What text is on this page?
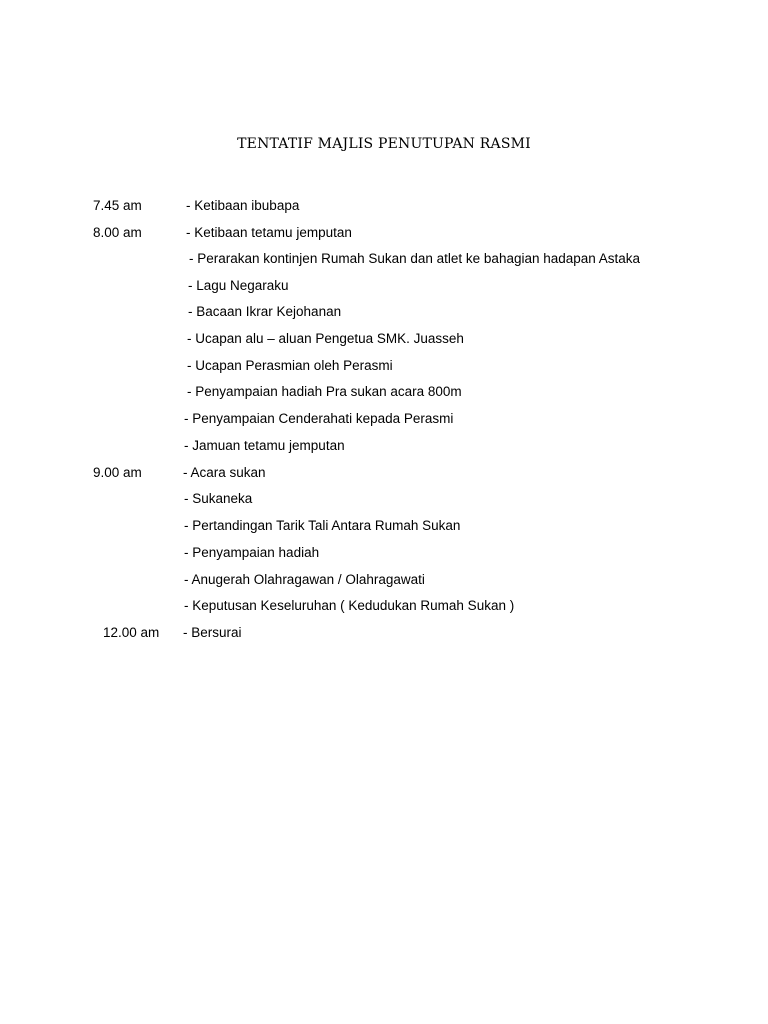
TENTATIF MAJLIS PENUTUPAN RASMI
7.45 am	- Ketibaan ibubapa
8.00 am	- Ketibaan tetamu jemputan
- Perarakan kontinjen Rumah Sukan dan atlet ke bahagian hadapan Astaka
- Lagu Negaraku
- Bacaan Ikrar Kejohanan
- Ucapan alu – aluan Pengetua SMK. Juasseh
- Ucapan Perasmian oleh Perasmi
- Penyampaian hadiah Pra sukan acara 800m
- Penyampaian Cenderahati kepada Perasmi
- Jamuan tetamu jemputan
9.00 am	- Acara sukan
- Sukaneka
- Pertandingan Tarik Tali Antara Rumah Sukan
- Penyampaian hadiah
- Anugerah Olahragawan / Olahragawati
- Keputusan Keseluruhan ( Kedudukan Rumah Sukan )
12.00 am - Bersurai
